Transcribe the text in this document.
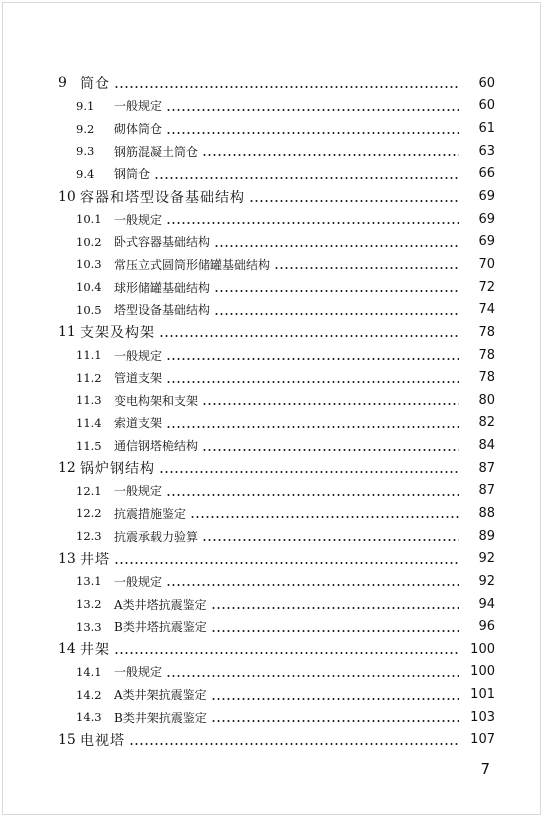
9 筒仓	60
9.1	一般规定	60
9.2	砌体筒仓	61
9.3	钢筋混凝土筒仓	63
9.4	钢筒仓	66
10 容器和塔型设备基础结构	69
10.1	一般规定	69
10.2	卧式容器基础结构	69
10.3	常压立式圆筒形储罐基础结构	70
10.4	球形储罐基础结构	72
10.5	塔型设备基础结构	74
11 支架及构架	78
11.1	一般规定	78
11.2	管道支架	78
11.3	变电构架和支架	80
11.4	索道支架	82
11.5	通信钢塔桅结构	84
12 锅炉钢结构	87
12.1	一般规定	87
12.2	抗震措施鉴定	88
12.3	抗震承载力验算	89
13 井塔	92
13.1	一般规定	92
13.2	A类井塔抗震鉴定	94
13.3	B类井塔抗震鉴定	96
14 井架	100
14.1	一般规定	100
14.2	A类井架抗震鉴定	101
14.3	B类井架抗震鉴定	103
15 电视塔	107
7
